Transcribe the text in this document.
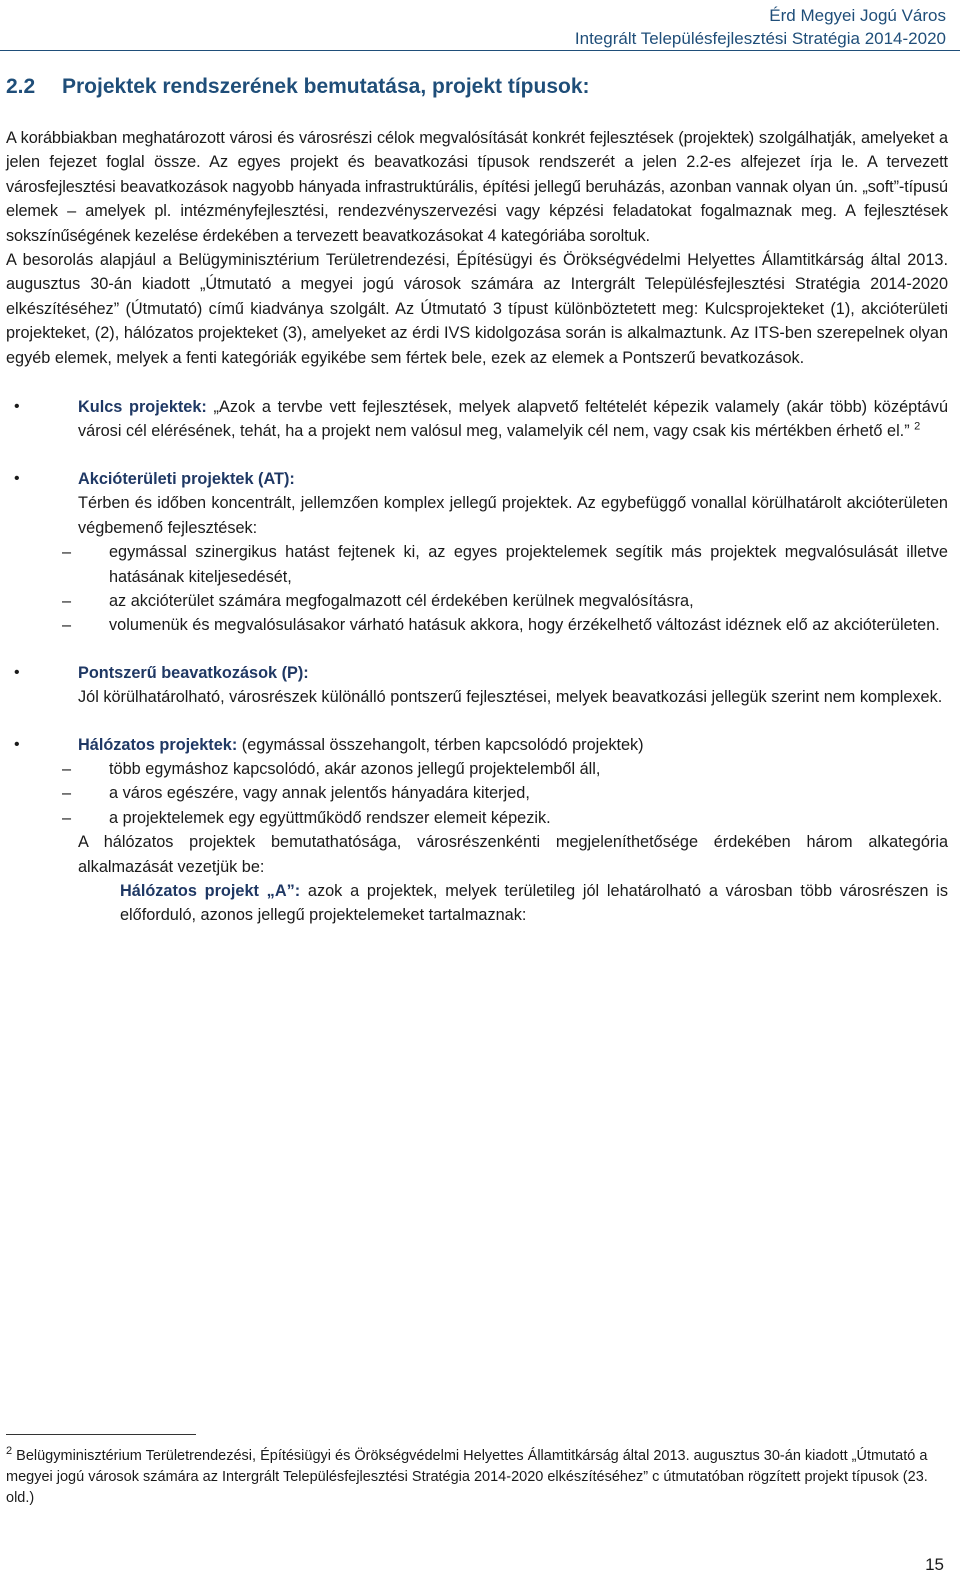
Érd Megyei Jogú Város
Integrált Településfejlesztési Stratégia 2014-2020
2.2 Projektek rendszerének bemutatása, projekt típusok:

A korábbiakban meghatározott városi és városrészi célok megvalósítását konkrét fejlesztések (projektek) szolgálhatják, amelyeket a jelen fejezet foglal össze. Az egyes projekt és beavatkozási típusok rendszerét a jelen 2.2-es alfejezet írja le. A tervezett városfejlesztési beavatkozások nagyobb hányada infrastruktúrális, építési jellegű beruházás, azonban vannak olyan ún. „soft”-típusú elemek – amelyek pl. intézményfejlesztési, rendezvényszervezési vagy képzési feladatokat fogalmaznak meg. A fejlesztések sokszínűségének kezelése érdekében a tervezett beavatkozásokat 4 kategóriába soroltuk.

A besorolás alapjául a Belügyminisztérium Területrendezési, Építésügyi és Örökségvédelmi Helyettes Államtitkárság által 2013. augusztus 30-án kiadott „Útmutató a megyei jogú városok számára az Intergrált Településfejlesztési Stratégia 2014-2020 elkészítéséhez” (Útmutató) című kiadványa szolgált. Az Útmutató 3 típust különböztetett meg: Kulcsprojekteket (1), akcióterületi projekteket, (2), hálózatos projekteket (3), amelyeket az érdi IVS kidolgozása során is alkalmaztunk. Az ITS-ben szerepelnek olyan egyéb elemek, melyek a fenti kategóriák egyikébe sem fértek bele, ezek az elemek a Pontszerű bevatkozások.

•	Kulcs projektek: „Azok a tervbe vett fejlesztések, melyek alapvető feltételét képezik valamely (akár több) középtávú városi cél elérésének, tehát, ha a projekt nem valósul meg, valamelyik cél nem, vagy csak kis mértékben érhető el.” $^2$
•	Akcióterületi projektek (AT):
Térben és időben koncentrált, jellemzően komplex jellegű projektek. Az egybefüggő vonallal körülhatárolt akcióterületen végbemenő fejlesztések:
– egymással szinergikus hatást fejtenek ki, az egyes projektelemek segítik más projektek megvalósulását illetve hatásának kiteljesedését,
– az akcióterület számára megfogalmazott cél érdekében kerülnek megvalósításra,
– volumenük és megvalósulásakor várható hatásuk akkora, hogy érzékelhető változást idéznek elő az akcióterületen.
•	Pontszerű beavatkozások (P):
Jól körülhatárolható, városrészek különálló pontszerű fejlesztései, melyek beavatkozási jellegük szerint nem komplexek.
•	Hálózatos projektek: (egymással összehangolt, térben kapcsolódó projektek)
– több egymáshoz kapcsolódó, akár azonos jellegű projektelemből áll,
– a város egészére, vagy annak jelentős hányadára kiterjed,
– a projektelemek egy együttműködő rendszer elemeit képezik.

A hálózatos projektek bemutathatósága, városrészenkénti megjeleníthetősége érdekében három alkategória alkalmazását vezetjük be:

Hálózatos projekt „A”: azok a projektek, melyek területileg jól lehatárolható a városban több városrészen is előforduló, azonos jellegű projektelemeket tartalmaznak:

$^2$ Belügyminisztérium Területrendezési, Építésiügyi és Örökségvédelmi Helyettes Államtitkárság által 2013. augusztus 30-án kiadott „Útmutató a megyei jogú városok számára az Intergrált Településfejlesztési Stratégia 2014-2020 elkészítéséhez” c útmutatóban rögzített projekt típusok (23. old.)
15
